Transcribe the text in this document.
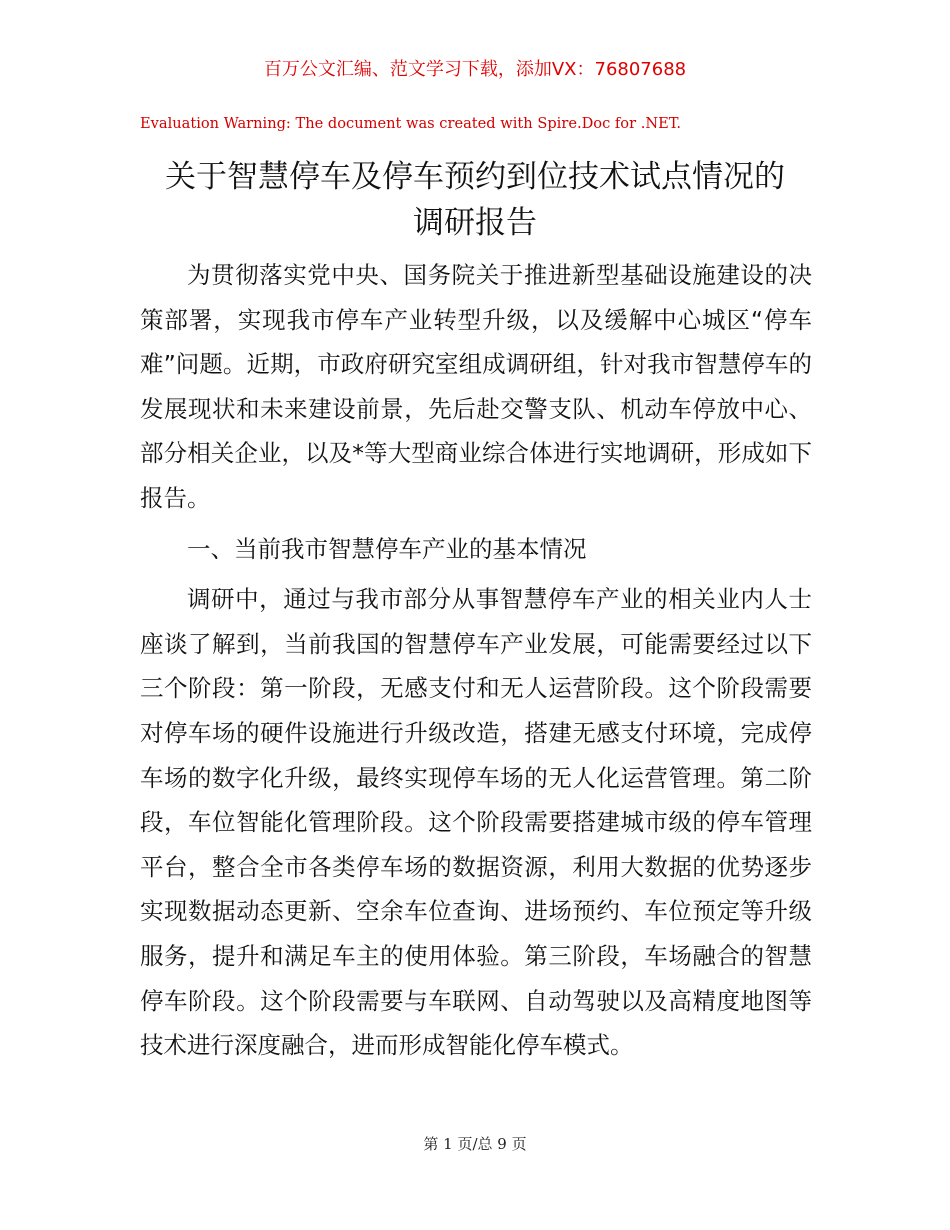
百万公文汇编、范文学习下载，添加VX：76807688
Evaluation Warning: The document was created with Spire.Doc for .NET.
关于智慧停车及停车预约到位技术试点情况的
调研报告

为贯彻落实党中央、国务院关于推进新型基础设施建设的决策部署，实现我市停车产业转型升级，以及缓解中心城区“停车难”问题。近期，市政府研究室组成调研组，针对我市智慧停车的发展现状和未来建设前景，先后赴交警支队、机动车停放中心、部分相关企业，以及*等大型商业综合体进行实地调研，形成如下报告。

一、当前我市智慧停车产业的基本情况

调研中，通过与我市部分从事智慧停车产业的相关业内人士座谈了解到，当前我国的智慧停车产业发展，可能需要经过以下三个阶段：第一阶段，无感支付和无人运营阶段。这个阶段需要对停车场的硬件设施进行升级改造，搭建无感支付环境，完成停车场的数字化升级，最终实现停车场的无人化运营管理。第二阶段，车位智能化管理阶段。这个阶段需要搭建城市级的停车管理平台，整合全市各类停车场的数据资源，利用大数据的优势逐步实现数据动态更新、空余车位查询、进场预约、车位预定等升级服务，提升和满足车主的使用体验。第三阶段，车场融合的智慧停车阶段。这个阶段需要与车联网、自动驾驶以及高精度地图等技术进行深度融合，进而形成智能化停车模式。

第 1 页/总 9 页
